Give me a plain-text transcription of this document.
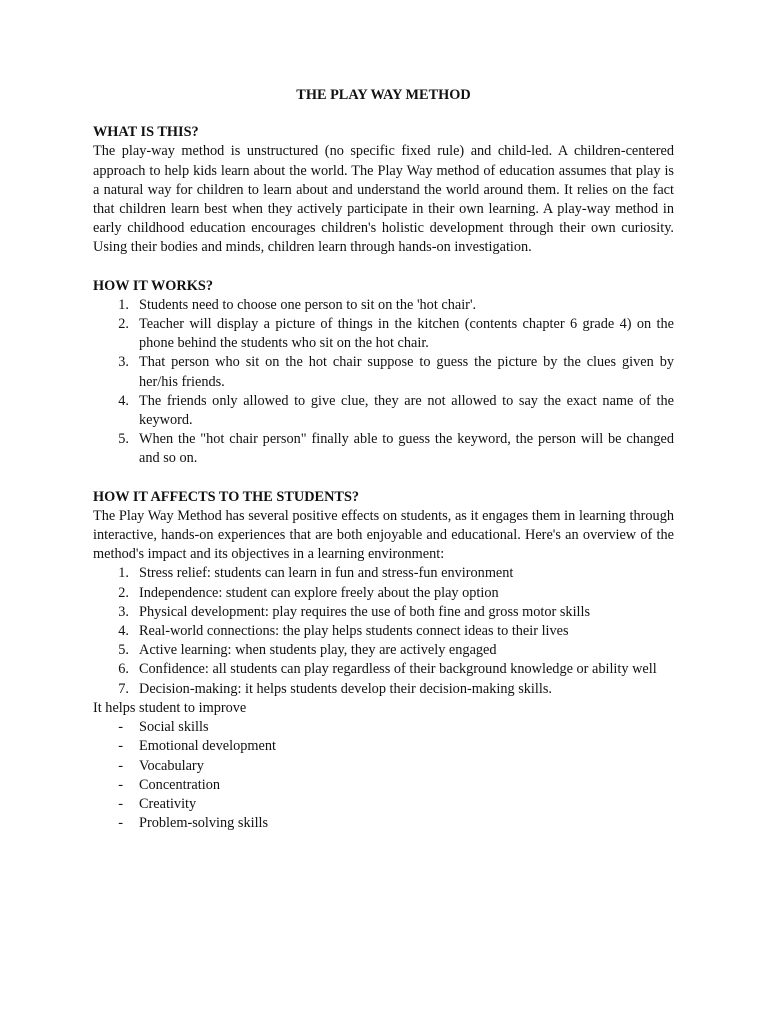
THE PLAY WAY METHOD
WHAT IS THIS?

The play-way method is unstructured (no specific fixed rule) and child-led. A children-centered approach to help kids learn about the world. The Play Way method of education assumes that play is a natural way for children to learn about and understand the world around them. It relies on the fact that children learn best when they actively participate in their own learning. A play-way method in early childhood education encourages children's holistic development through their own curiosity. Using their bodies and minds, children learn through hands-on investigation.

HOW IT WORKS?
1. Students need to choose one person to sit on the 'hot chair'.
2. Teacher will display a picture of things in the kitchen (contents chapter 6 grade 4) on the phone behind the students who sit on the hot chair.
3. That person who sit on the hot chair suppose to guess the picture by the clues given by her/his friends.
4. The friends only allowed to give clue, they are not allowed to say the exact name of the keyword.
5. When the "hot chair person" finally able to guess the keyword, the person will be changed and so on.
HOW IT AFFECTS TO THE STUDENTS?

The Play Way Method has several positive effects on students, as it engages them in learning through interactive, hands-on experiences that are both enjoyable and educational. Here's an overview of the method's impact and its objectives in a learning environment:

1. Stress relief: students can learn in fun and stress-fun environment
2. Independence: student can explore freely about the play option
3. Physical development: play requires the use of both fine and gross motor skills
4. Real-world connections: the play helps students connect ideas to their lives
5. Active learning: when students play, they are actively engaged
6. Confidence: all students can play regardless of their background knowledge or ability well
7. Decision-making: it helps students develop their decision-making skills.

It helps student to improve

- Social skills
- Emotional development
- Vocabulary
- Concentration
- Creativity
- Problem-solving skills
